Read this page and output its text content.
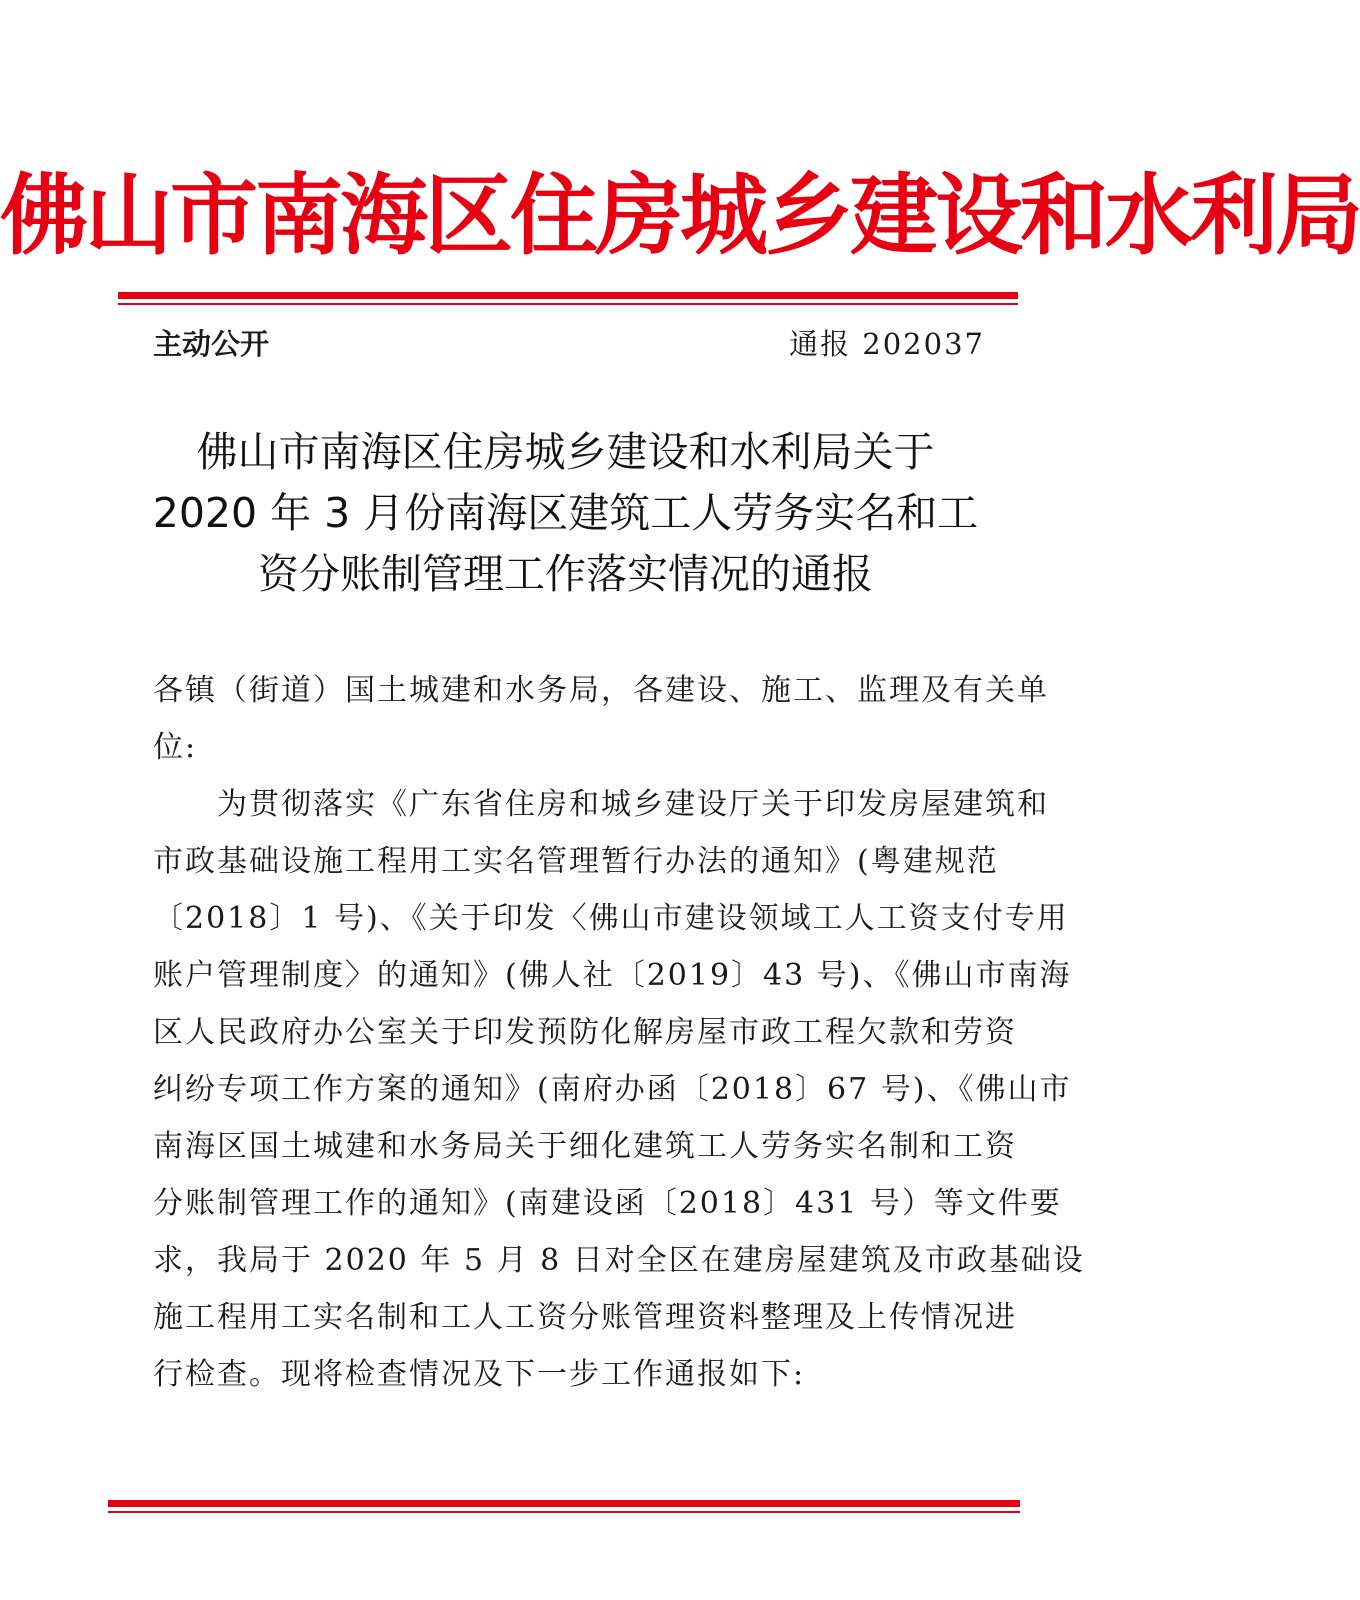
佛山市南海区住房城乡建设和水利局
主动公开	通报 202037
佛山市南海区住房城乡建设和水利局关于
2020 年 3 月份南海区建筑工人劳务实名和工
资分账制管理工作落实情况的通报
各镇（街道）国土城建和水务局，各建设、施工、监理及有关单
位:
　　为贯彻落实《广东省住房和城乡建设厅关于印发房屋建筑和
市政基础设施工程用工实名管理暂行办法的通知》(粤建规范
〔2018〕1 号)、《关于印发〈佛山市建设领域工人工资支付专用
账户管理制度〉的通知》(佛人社〔2019〕43 号)、《佛山市南海
区人民政府办公室关于印发预防化解房屋市政工程欠款和劳资
纠纷专项工作方案的通知》(南府办函〔2018〕67 号)、《佛山市
南海区国土城建和水务局关于细化建筑工人劳务实名制和工资
分账制管理工作的通知》(南建设函〔2018〕431 号）等文件要
求，我局于 2020 年 5 月 8 日对全区在建房屋建筑及市政基础设
施工程用工实名制和工人工资分账管理资料整理及上传情况进
行检查。现将检查情况及下一步工作通报如下:
